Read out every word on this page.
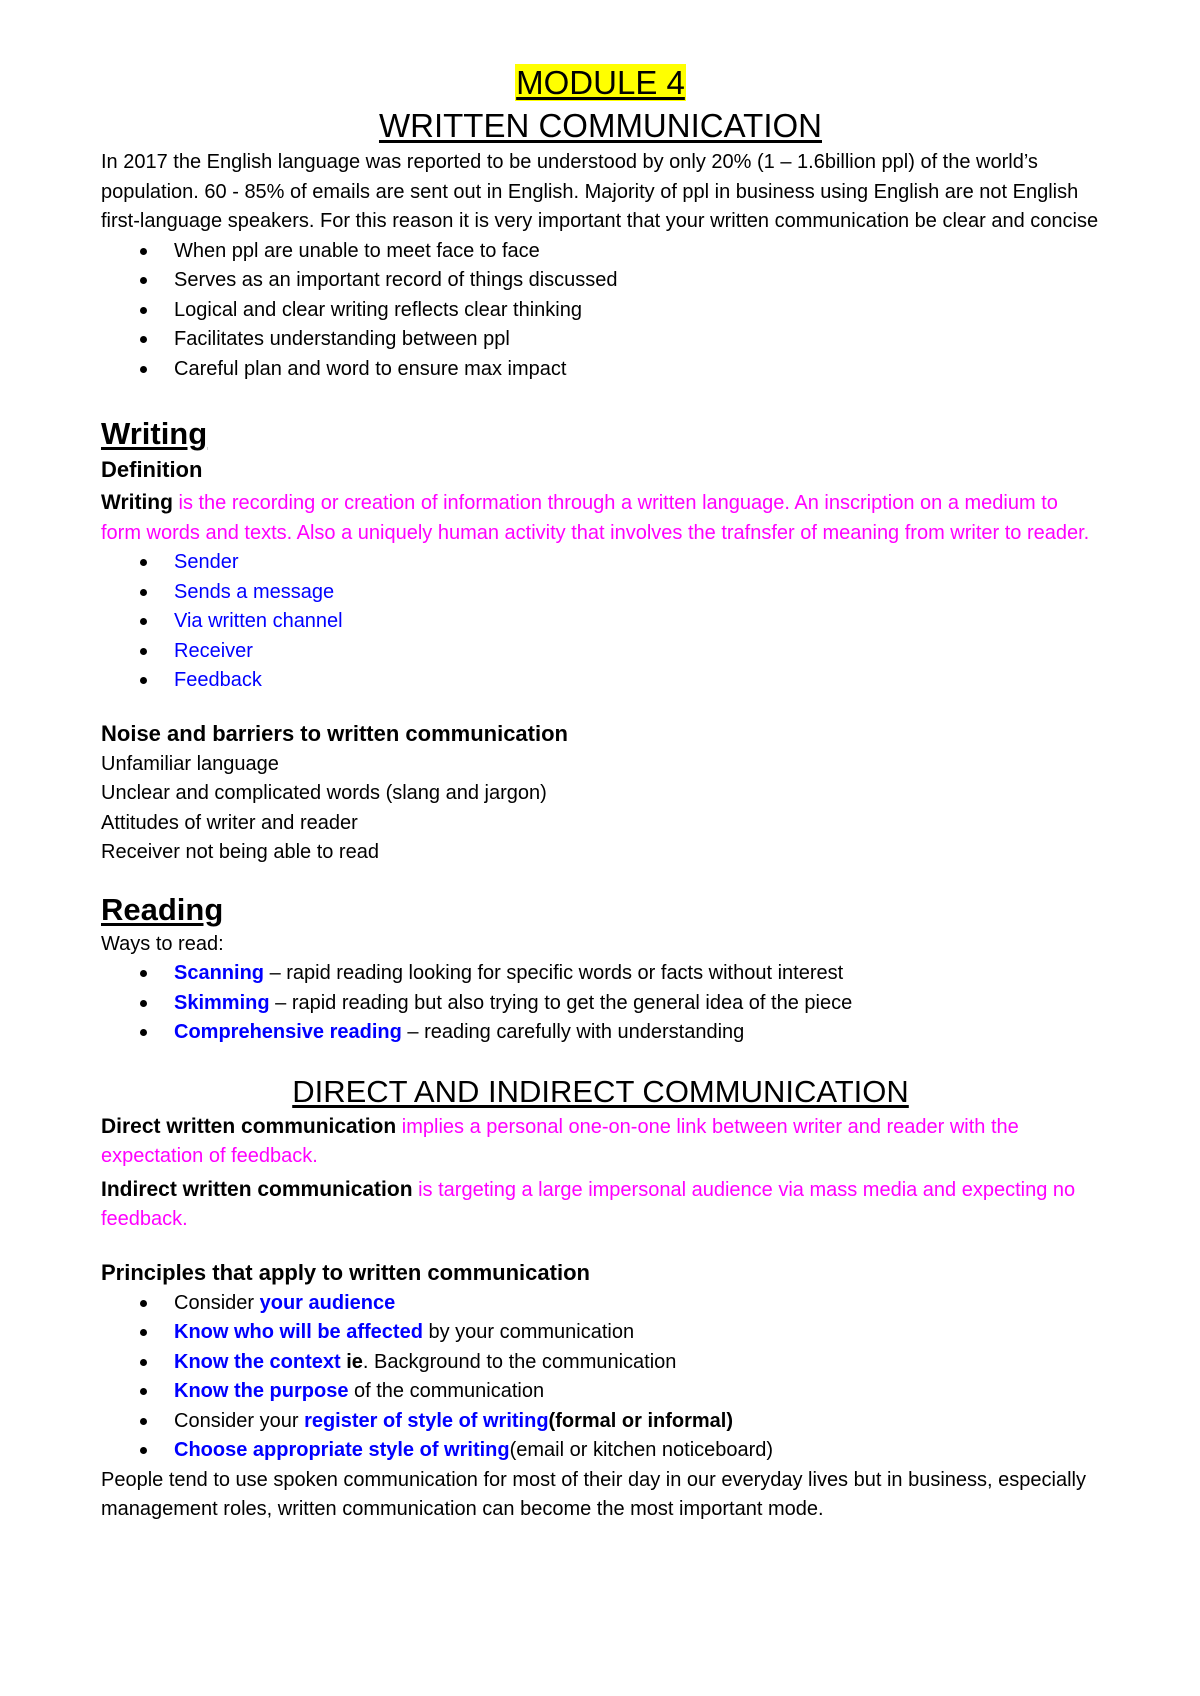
MODULE 4
WRITTEN COMMUNICATION
In 2017 the English language was reported to be understood by only 20% (1 – 1.6billion ppl) of the world’s population. 60 - 85% of emails are sent out in English. Majority of ppl in business using English are not English first-language speakers. For this reason it is very important that your written communication be clear and concise
When ppl are unable to meet face to face
Serves as an important record of things discussed
Logical and clear writing reflects clear thinking
Facilitates understanding between ppl
Careful plan and word to ensure max impact
Writing
Definition
Writing is the recording or creation of information through a written language. An inscription on a medium to form words and texts. Also a uniquely human activity that involves the trafnsfer of meaning from writer to reader.
Sender
Sends a message
Via written channel
Receiver
Feedback
Noise and barriers to written communication
Unfamiliar language
Unclear and complicated words (slang and jargon)
Attitudes of writer and reader
Receiver not being able to read
Reading
Ways to read:
Scanning – rapid reading looking for specific words or facts without interest
Skimming – rapid reading but also trying to get the general idea of the piece
Comprehensive reading – reading carefully with understanding
DIRECT AND INDIRECT COMMUNICATION
Direct written communication implies a personal one-on-one link between writer and reader with the expectation of feedback.
Indirect written communication is targeting a large impersonal audience via mass media and expecting no feedback.
Principles that apply to written communication
Consider your audience
Know who will be affected by your communication
Know the context ie. Background to the communication
Know the purpose of the communication
Consider your register of style of writing(formal or informal)
Choose appropriate style of writing(email or kitchen noticeboard)
People tend to use spoken communication for most of their day in our everyday lives but in business, especially management roles, written communication can become the most important mode.
